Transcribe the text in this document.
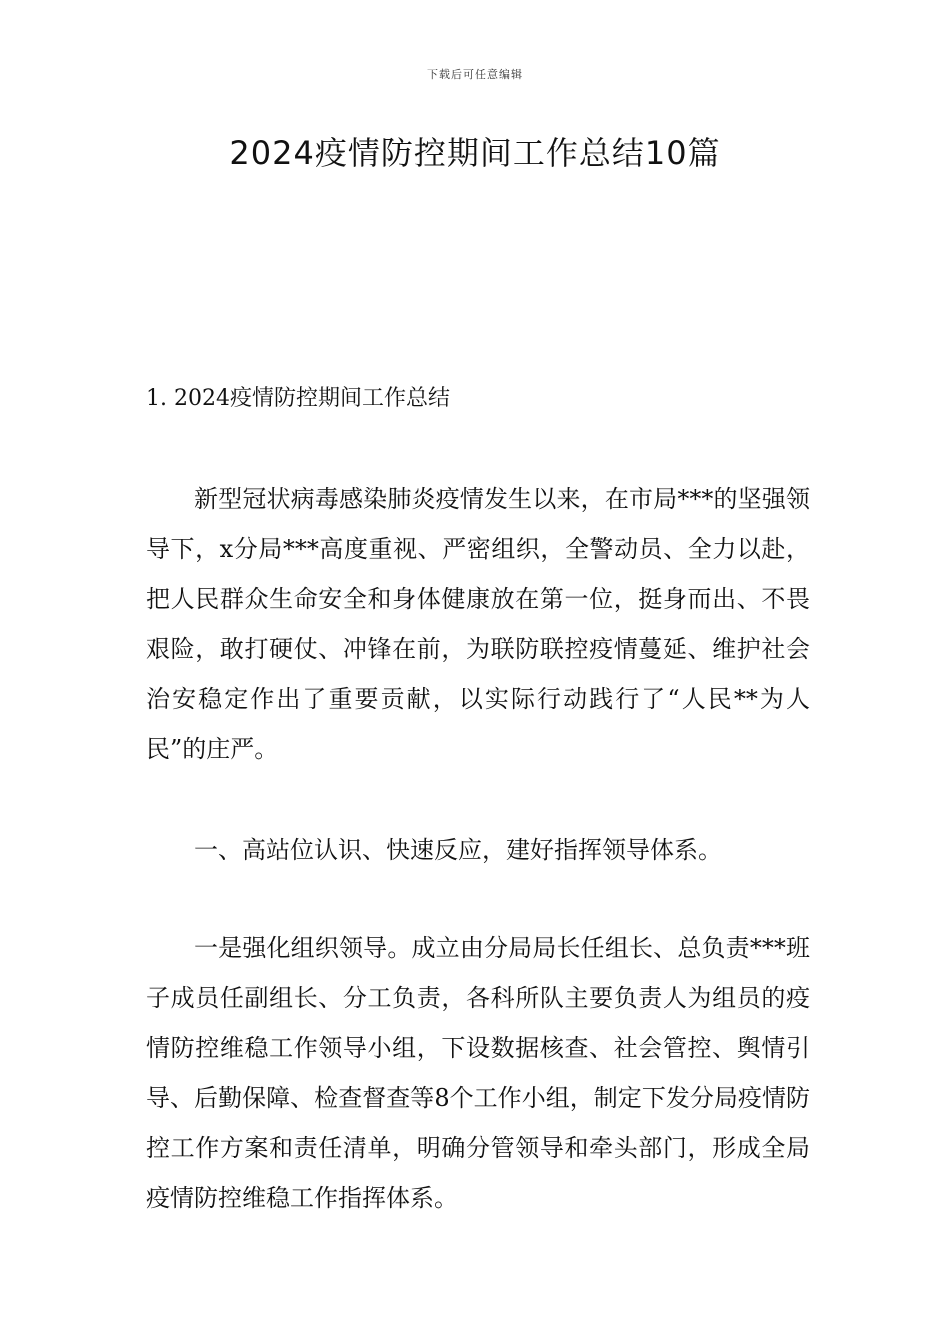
下载后可任意编辑
2024疫情防控期间工作总结10篇
1. 2024疫情防控期间工作总结

新型冠状病毒感染肺炎疫情发生以来，在市局***的坚强领导下，x分局***高度重视、严密组织，全警动员、全力以赴，把人民群众生命安全和身体健康放在第一位，挺身而出、不畏艰险，敢打硬仗、冲锋在前，为联防联控疫情蔓延、维护社会治安稳定作出了重要贡献，以实际行动践行了“人民**为人民”的庄严。

一、高站位认识、快速反应，建好指挥领导体系。

一是强化组织领导。成立由分局局长任组长、总负责***班子成员任副组长、分工负责，各科所队主要负责人为组员的疫情防控维稳工作领导小组，下设数据核查、社会管控、舆情引导、后勤保障、检查督查等8个工作小组，制定下发分局疫情防控工作方案和责任清单，明确分管领导和牵头部门，形成全局疫情防控维稳工作指挥体系。
